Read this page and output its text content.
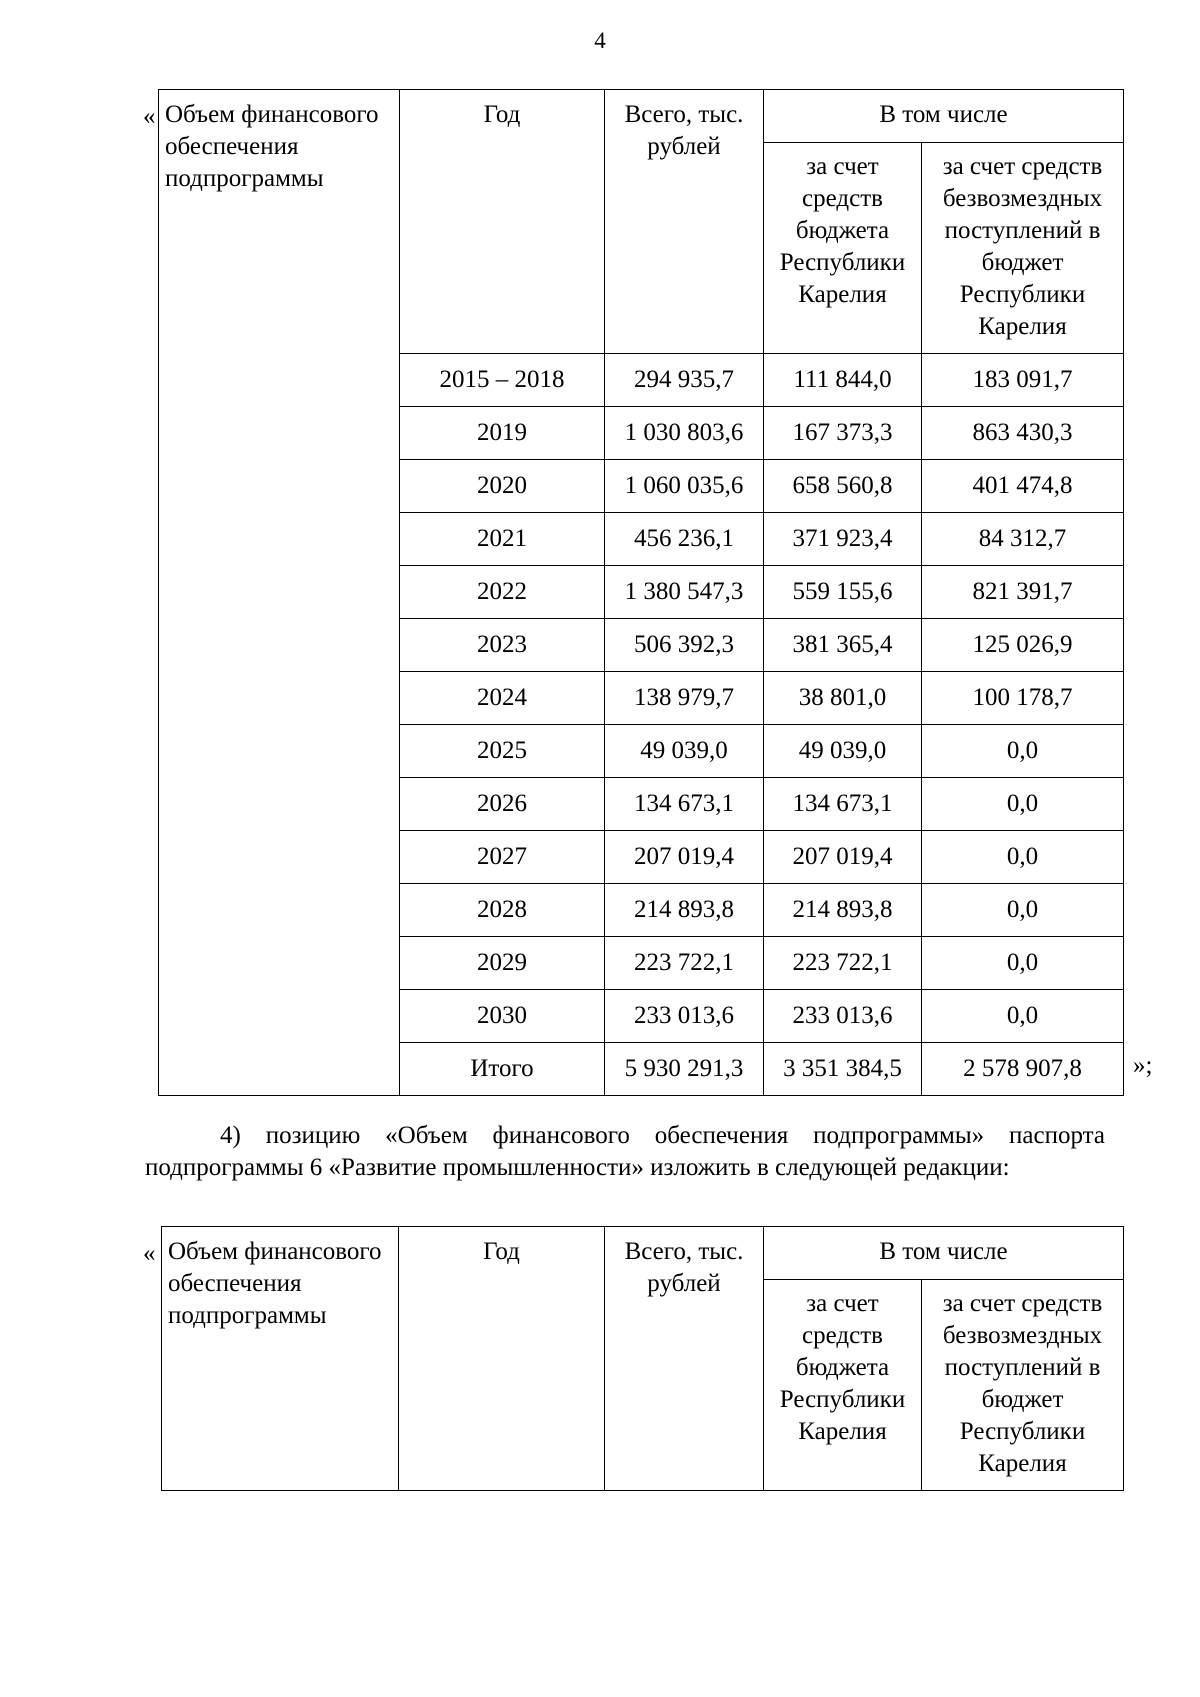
4
« Объем финансового обеспечения подпрограммы	Год	Всего, тыс. рублей	В том числе	
			за счет средств бюджета Республики Карелия	за счет средств безвозмездных поступлений в бюджет Республики Карелия
	2015 – 2018	294 935,7	111 844,0	183 091,7
	2019	1 030 803,6	167 373,3	863 430,3
	2020	1 060 035,6	658 560,8	401 474,8
	2021	456 236,1	371 923,4	84 312,7
	2022	1 380 547,3	559 155,6	821 391,7
	2023	506 392,3	381 365,4	125 026,9
	2024	138 979,7	38 801,0	100 178,7
	2025	49 039,0	49 039,0	0,0
	2026	134 673,1	134 673,1	0,0
	2027	207 019,4	207 019,4	0,0
	2028	214 893,8	214 893,8	0,0
	2029	223 722,1	223 722,1	0,0
	2030	233 013,6	233 013,6	0,0
	Итого	5 930 291,3	3 351 384,5	2 578 907,8 »;

4) позицию «Объем финансового обеспечения подпрограммы» паспорта

подпрограммы 6 «Развитие промышленности» изложить в следующей редакции:

« Объем финансового обеспечения подпрограммы	Год	Всего, тыс. рублей	В том числе	
			за счет средств бюджета Республики Карелия	за счет средств безвозмездных поступлений в бюджет Республики Карелия
